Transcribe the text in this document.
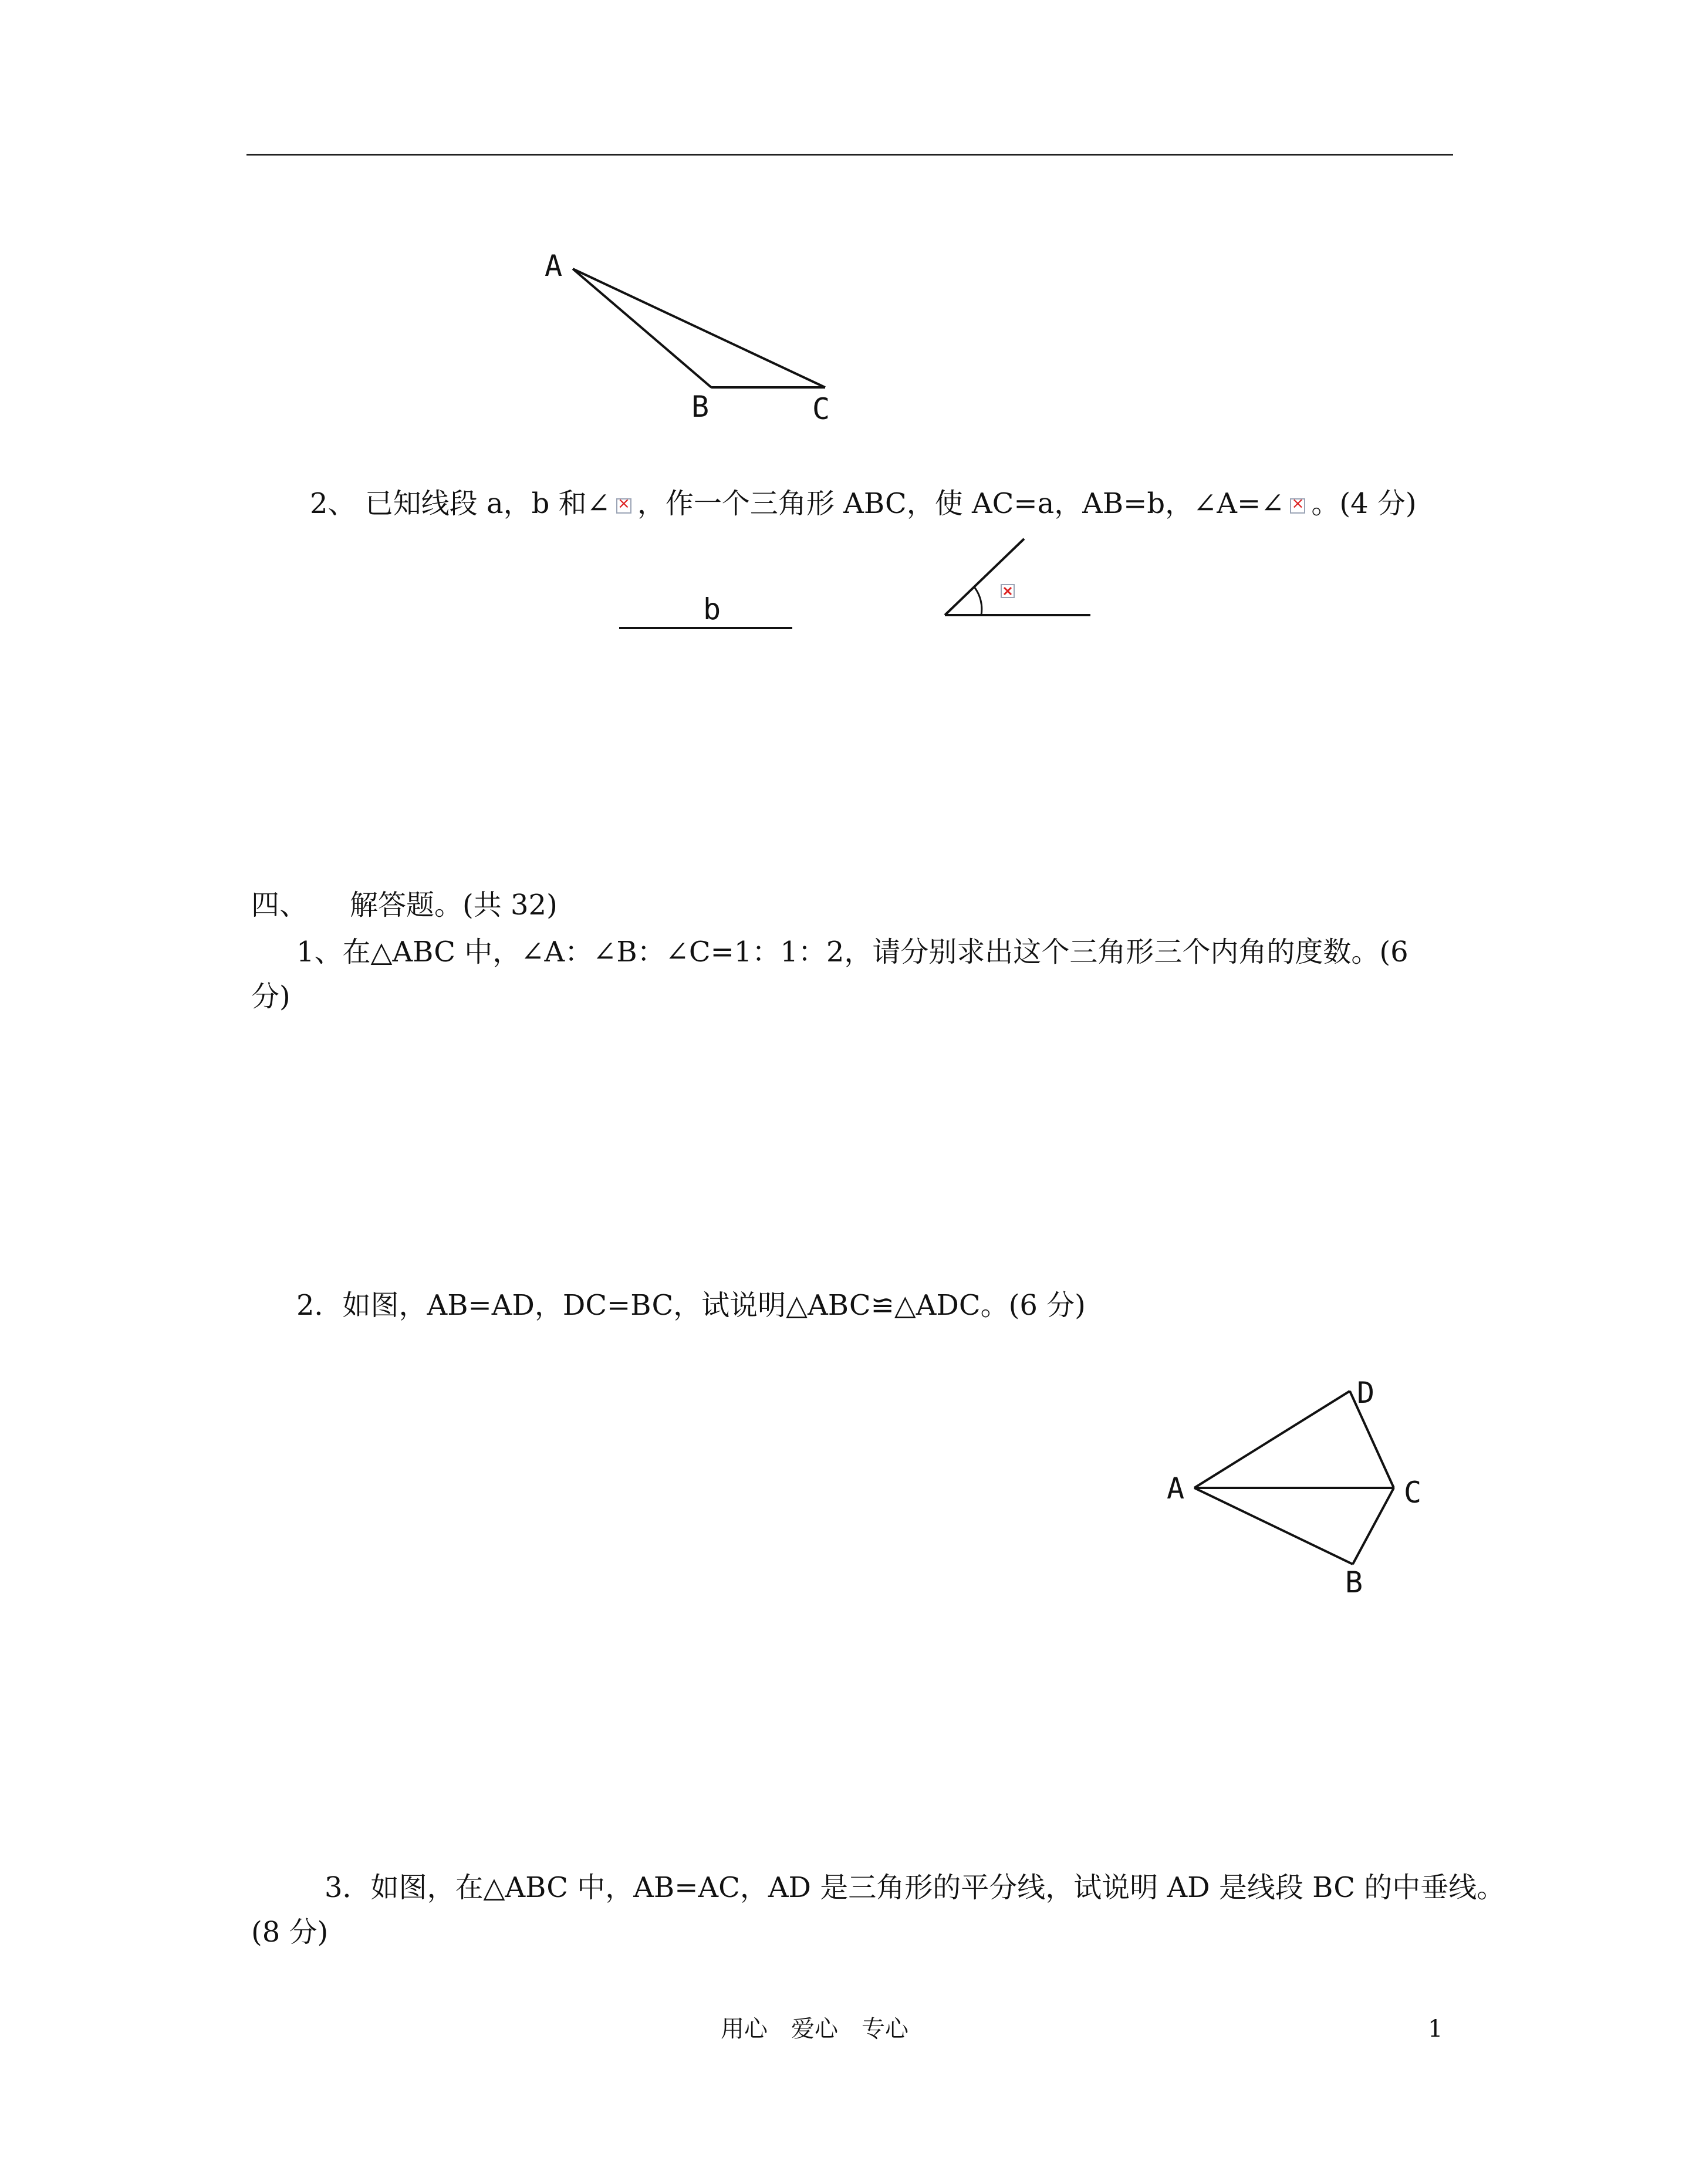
A
B	C
b
D
A	C
B
2、 已知线段 a，b 和∠ × ，作一个三角形 ABC，使 AC=a，AB=b，∠A=∠ × 。(4 分)
四、　　解答题。(共 32)
1、在△ABC 中，∠A：∠B：∠C=1：1：2，请分别求出这个三角形三个内角的度数。(6
分)
2．如图，AB=AD，DC=BC，试说明△ABC≌△ADC。(6 分)
3．如图，在△ABC 中，AB=AC，AD 是三角形的平分线，试说明 AD 是线段 BC 的中垂线。
(8 分)
用心　爱心　专心	1
